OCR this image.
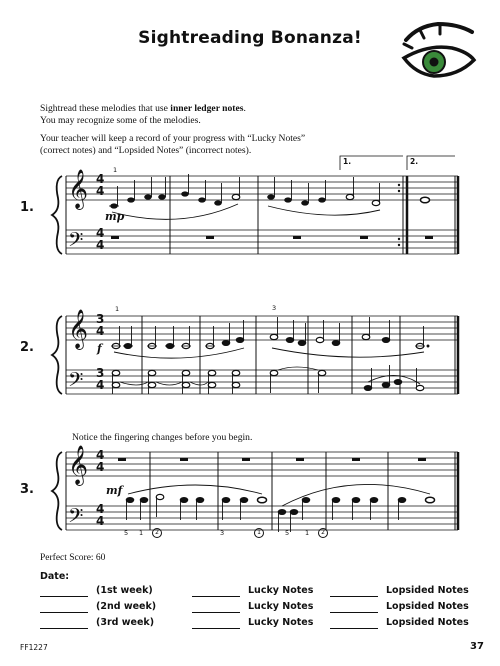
Sightreading Bonanza!
Sightread these melodies that use inner ledger notes.
You may recognize some of the melodies.
Your teacher will keep a record of your progress with “Lucky Notes”
(correct notes) and “Lopsided Notes” (incorrect notes).
1. 𝄞
𝄢
4
4
4
4
mp
1
1.	2.
2. 𝄞
𝄢
3
4
3
4
f
1	3
Notice the fingering changes before you begin.
3.
𝄞
𝄢
4
4
4
4
mf
5 1	2	3	1	5 1	2
Perfect Score: 60
Date:
(1st week)	Lucky Notes	Lopsided Notes
(2nd week)	Lucky Notes	Lopsided Notes
(3rd week)	Lucky Notes	Lopsided Notes
FF1227	37
